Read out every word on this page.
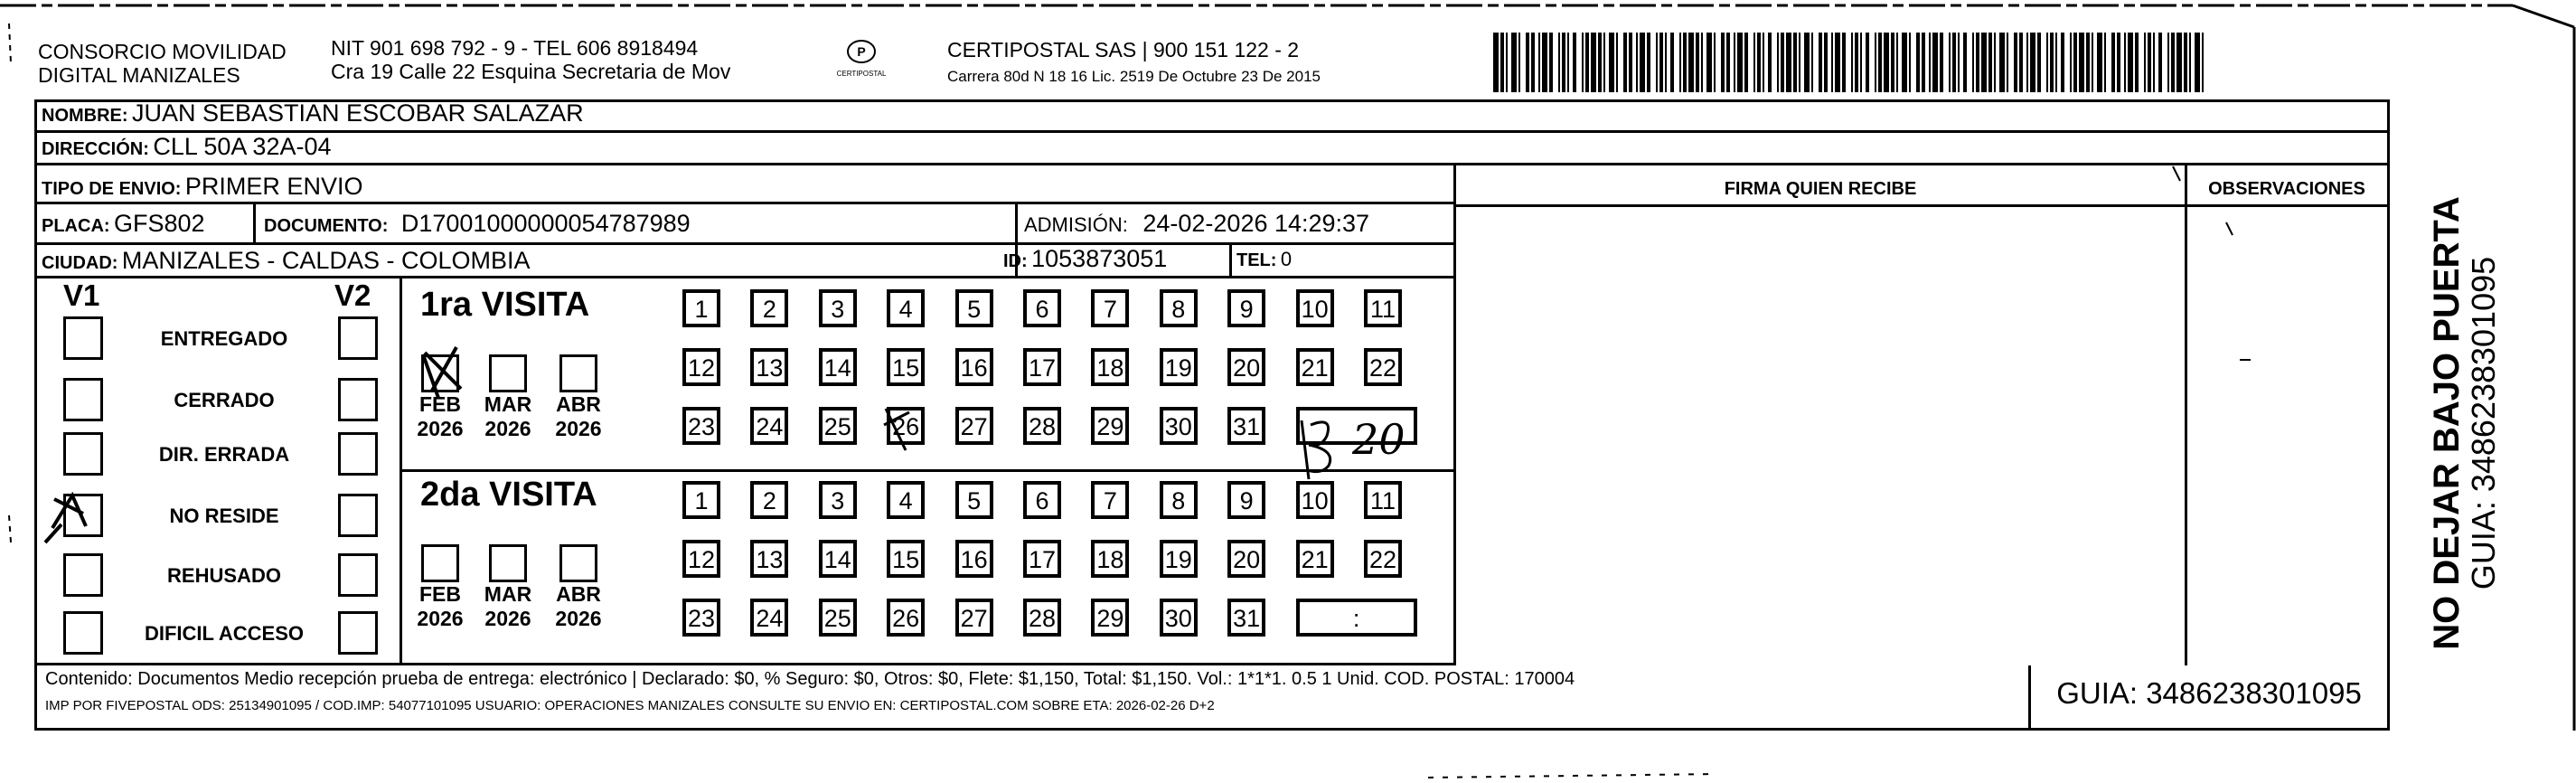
CONSORCIO MOVILIDAD
DIGITAL MANIZALES
NIT 901 698 792 - 9 - TEL 606 8918494
Cra 19 Calle 22 Esquina Secretaria de Mov
P
CERTIPOSTAL
CERTIPOSTAL SAS | 900 151 122 - 2
Carrera 80d N 18 16 Lic. 2519 De Octubre 23 De 2015
NOMBRE: JUAN SEBASTIAN ESCOBAR SALAZAR
DIRECCIÓN: CLL 50A 32A-04
TIPO DE ENVIO: PRIMER ENVIO
PLACA: GFS802	DOCUMENTO: D17001000000054787989	ADMISIÓN: 24-02-2026 14:29:37
CIUDAD: MANIZALES - CALDAS - COLOMBIA	ID: 1053873051	TEL: 0
FIRMA QUIEN RECIBE	OBSERVACIONES
V1	V2
ENTREGADO
CERRADO
DIR. ERRADA
NO RESIDE
REHUSADO
DIFICIL ACCESO
1ra VISITA
2da VISITA
FEB
2026
MAR
2026
ABR
2026
FEB
2026
MAR
2026
ABR
2026
1	2	3	4	5	6	7	8	9	10 11
12 13 14 15 16 17 18 19 20 21 22
23 24 25 26 27 28 29 30 31
1	2	3	4	5	6	7	8	9	10 11
12 13 14 15 16 17 18 19 20 21 22
23 24 25 26 27 28 29 30 31	:
20
Contenido: Documentos Medio recepción prueba de entrega: electrónico | Declarado: $0, % Seguro: $0, Otros: $0, Flete: $1,150, Total: $1,150. Vol.: 1*1*1. 0.5 1 Unid. COD. POSTAL: 170004
IMP POR FIVEPOSTAL ODS: 25134901095 / COD.IMP: 54077101095 USUARIO: OPERACIONES MANIZALES CONSULTE SU ENVIO EN: CERTIPOSTAL.COM SOBRE ETA: 2026-02-26 D+2	GUIA: 3486238301095
NO DEJAR BAJO PUERTA
GUIA: 3486238301095
